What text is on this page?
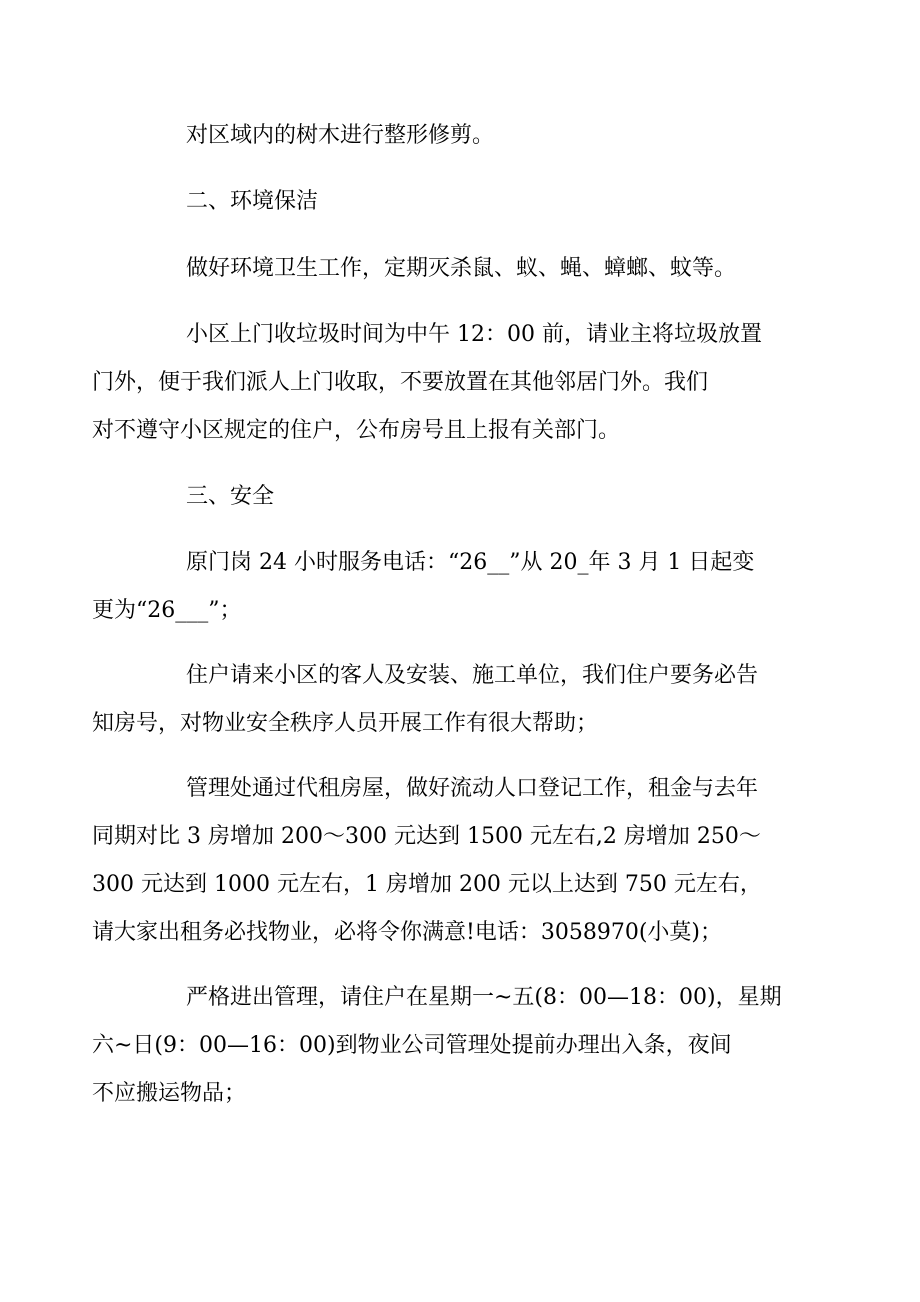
对区域内的树木进行整形修剪。

二、环境保洁

做好环境卫生工作，定期灭杀鼠、蚁、蝇、蟑螂、蚊等。

小区上门收垃圾时间为中午 12：00 前，请业主将垃圾放置
门外，便于我们派人上门收取，不要放置在其他邻居门外。我们
对不遵守小区规定的住户，公布房号且上报有关部门。

三、安全

原门岗 24 小时服务电话：“26__”从 20_年 3 月 1 日起变
更为“26___”；

住户请来小区的客人及安装、施工单位，我们住户要务必告
知房号，对物业安全秩序人员开展工作有很大帮助；

管理处通过代租房屋，做好流动人口登记工作，租金与去年
同期对比 3 房增加 200～300 元达到 1500 元左右,2 房增加 250～
300 元达到 1000 元左右，1 房增加 200 元以上达到 750 元左右，
请大家出租务必找物业，必将令你满意!电话：3058970(小莫)；

严格进出管理，请住户在星期一~五(8：00—18：00)，星期
六~日(9：00—16：00)到物业公司管理处提前办理出入条，夜间
不应搬运物品；
